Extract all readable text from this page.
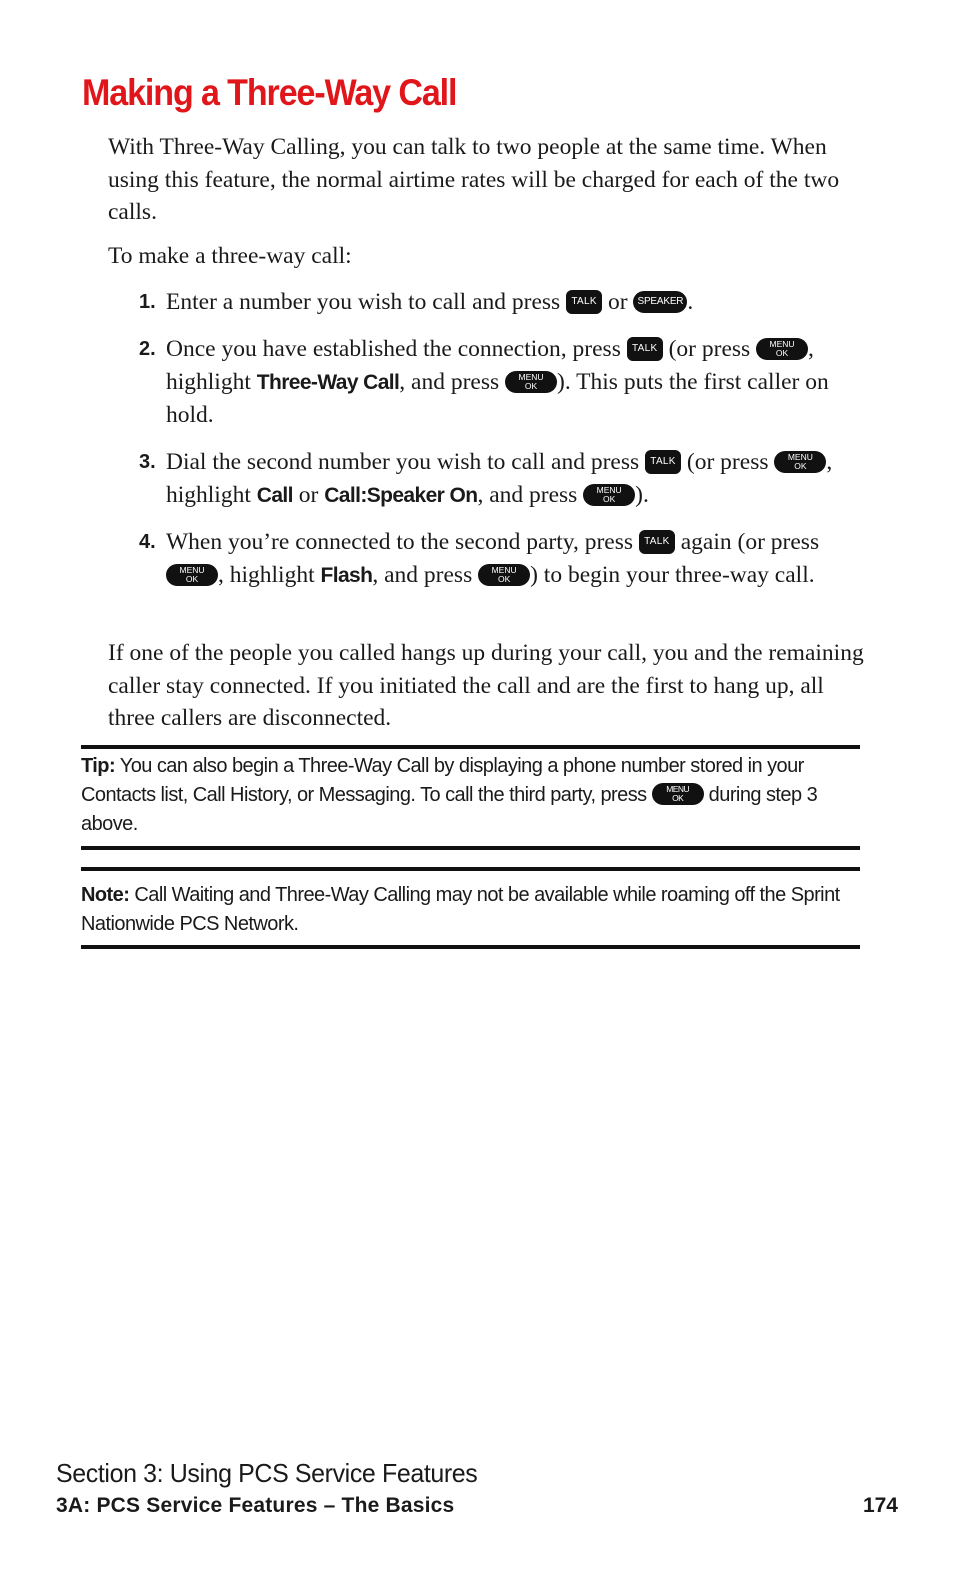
Making a Three-Way Call

With Three-Way Calling, you can talk to two people at the same time. When using this feature, the normal airtime rates will be charged for each of the two calls.

To make a three-way call:

1. Enter a number you wish to call and press TALK or SPEAKER .
2. Once you have established the connection, press TALK (or press	MENU
OK , highlight Three-Way Call, and press	MENU
OK ). This puts the first caller on hold.
3. Dial the second number you wish to call and press TALK (or press	MENU
OK , highlight Call or Call:Speaker On, and press	MENU
OK ).
4. When you’re connected to the second party, press TALK again (or press
MENU
OK , highlight Flash, and press	MENU
OK ) to begin your three-way call.

If one of the people you called hangs up during your call, you and the remaining caller stay connected. If you initiated the call and are the first to hang up, all three callers are disconnected.

Tip: You can also begin a Three-Way Call by displaying a phone number stored in your Contacts list, Call History, or Messaging. To call the third party, press	MENU
OK	during step 3 above.
Note: Call Waiting and Three-Way Calling may not be available while roaming off the Sprint Nationwide PCS Network.
Section 3: Using PCS Service Features
3A: PCS Service Features – The Basics	174
